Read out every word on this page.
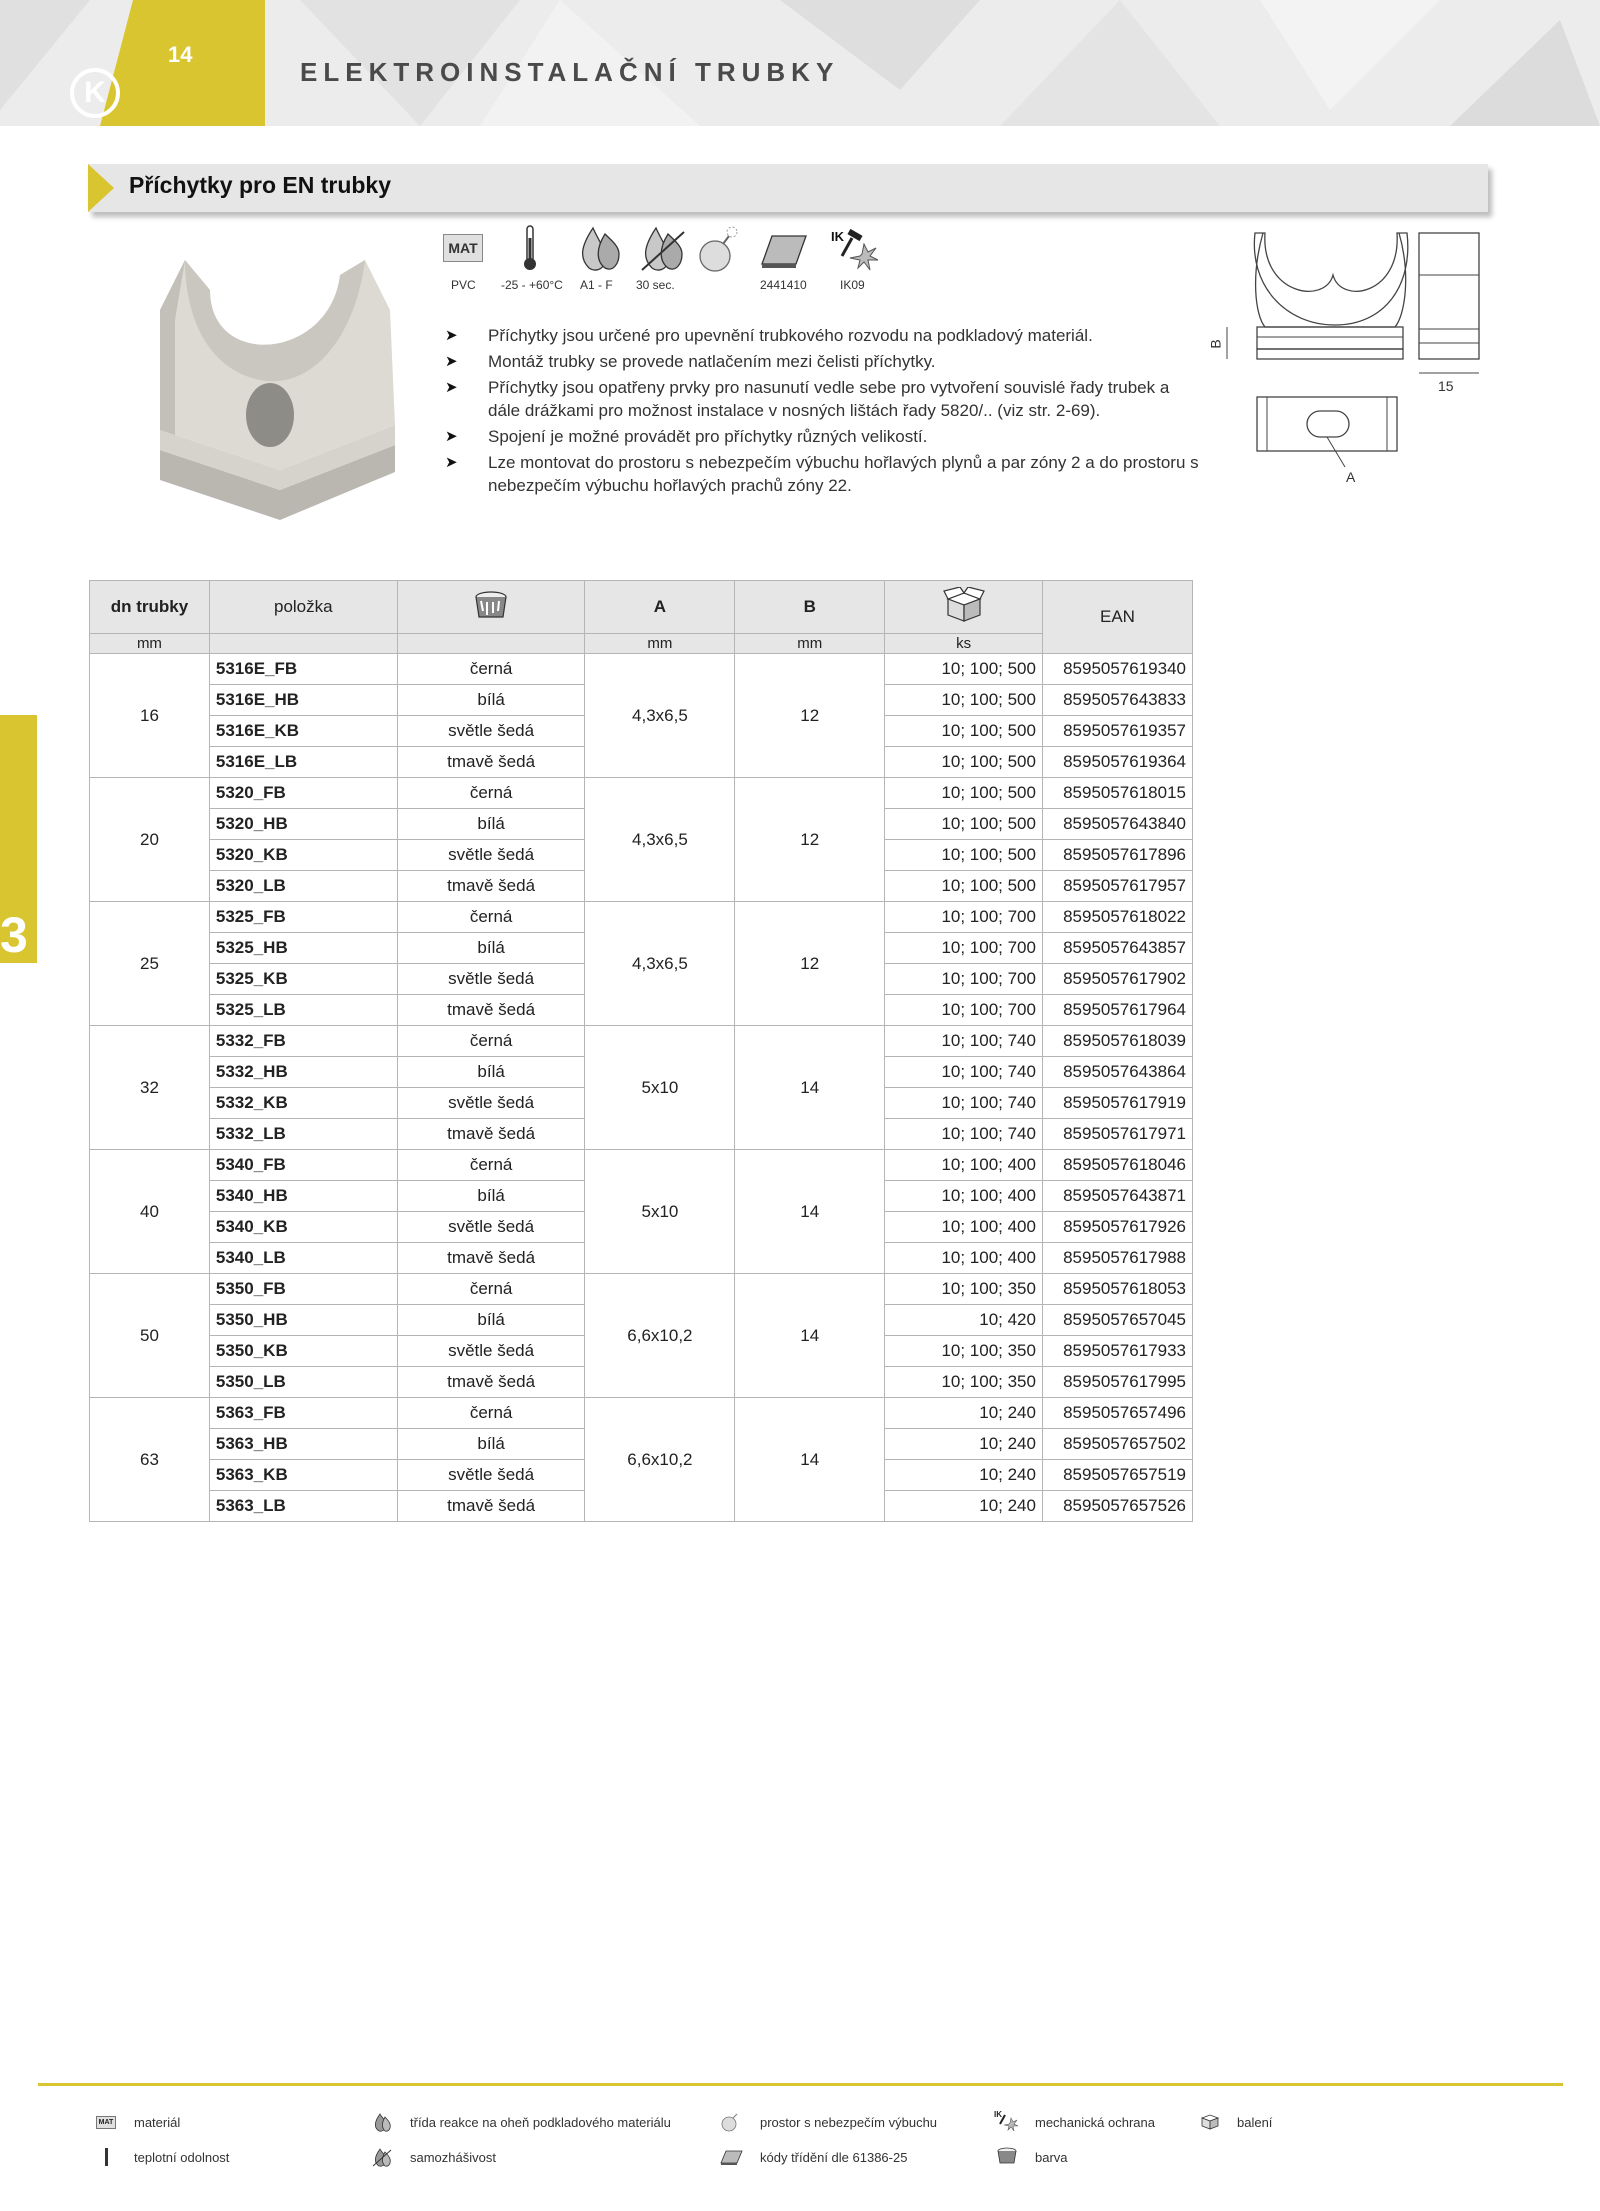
14
K
ELEKTROINSTALAČNÍ TRUBKY
Příchytky pro EN trubky
MAT
IK
PVC -25 - +60°C A1 - F 30 sec.	2441410	IK09
➤ Příchytky jsou určené pro upevnění trubkového rozvodu na podkladový materiál.
➤ Montáž trubky se provede natlačením mezi čelisti příchytky.
➤ Příchytky jsou opatřeny prvky pro nasunutí vedle sebe pro vytvoření souvislé řady trubek a dále drážkami pro možnost instalace v nosných lištách řady 5820/.. (viz str. 2-69).
➤ Spojení je možné provádět pro příchytky různých velikostí.
➤ Lze montovat do prostoru s nebezpečím výbuchu hořlavých plynů a par zóny 2 a do prostoru s nebezpečím výbuchu hořlavých prachů zóny 22.
B
15
A
3
dn trubky	položka		A	B		EAN
mm			mm	mm	ks	
16	5316E_FB	černá	4,3x6,5	12	10; 100; 500	8595057619340
	5316E_HB	bílá			10; 100; 500	8595057643833
	5316E_KB	světle šedá			10; 100; 500	8595057619357
	5316E_LB	tmavě šedá			10; 100; 500	8595057619364
20	5320_FB	černá	4,3x6,5	12	10; 100; 500	8595057618015
	5320_HB	bílá			10; 100; 500	8595057643840
	5320_KB	světle šedá			10; 100; 500	8595057617896
	5320_LB	tmavě šedá			10; 100; 500	8595057617957
25	5325_FB	černá	4,3x6,5	12	10; 100; 700	8595057618022
	5325_HB	bílá			10; 100; 700	8595057643857
	5325_KB	světle šedá			10; 100; 700	8595057617902
	5325_LB	tmavě šedá			10; 100; 700	8595057617964
32	5332_FB	černá	5x10	14	10; 100; 740	8595057618039
	5332_HB	bílá			10; 100; 740	8595057643864
	5332_KB	světle šedá			10; 100; 740	8595057617919
	5332_LB	tmavě šedá			10; 100; 740	8595057617971
40	5340_FB	černá	5x10	14	10; 100; 400	8595057618046
	5340_HB	bílá			10; 100; 400	8595057643871
	5340_KB	světle šedá			10; 100; 400	8595057617926
	5340_LB	tmavě šedá			10; 100; 400	8595057617988
50	5350_FB	černá	6,6x10,2	14	10; 100; 350	8595057618053
	5350_HB	bílá			10; 420	8595057657045
	5350_KB	světle šedá			10; 100; 350	8595057617933
	5350_LB	tmavě šedá			10; 100; 350	8595057617995
63	5363_FB	černá	6,6x10,2	14	10; 240	8595057657496
	5363_HB	bílá			10; 240	8595057657502
	5363_KB	světle šedá			10; 240	8595057657519
	5363_LB	tmavě šedá			10; 240	8595057657526
MAT materiál
teplotní odolnost
třída reakce na oheň podkladového materiálu
samozhášivost
prostor s nebezpečím výbuchu
kódy třídění dle 61386-25
IK
mechanická ochrana
barva
balení
